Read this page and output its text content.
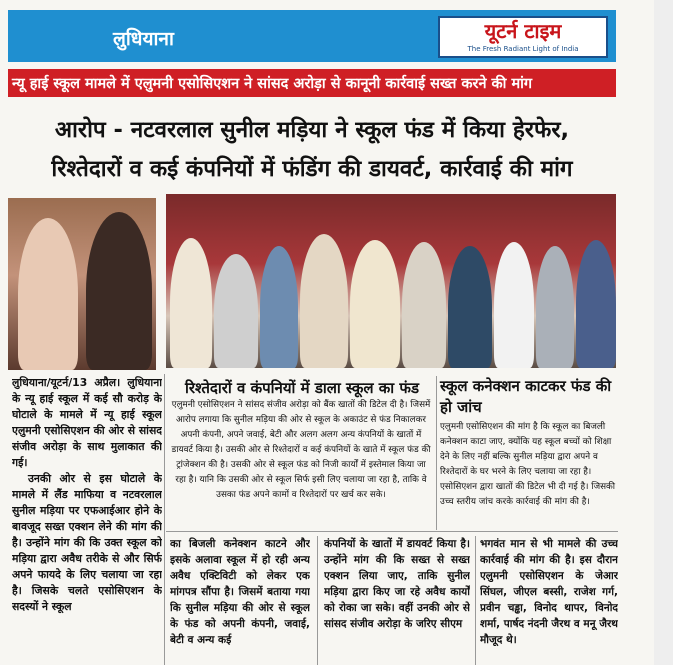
लुधियाना	यूटर्न टाइम
The Fresh Radiant Light of India
न्यू हाई स्कूल मामले में एलुमनी एसोसिएशन ने सांसद अरोड़ा से कानूनी कार्रवाई सख्त करने की मांग
आरोप - नटवरलाल सुनील मड़िया ने स्कूल फंड में किया हेरफेर,
रिश्तेदारों व कई कंपनियों में फंडिंग की डायवर्ट, कार्रवाई की मांग

लुधियाना/यूटर्न/13 अप्रैल। लुधियाना के न्यू हाई स्कूल में कई सौ करोड़ के घोटाले के मामले में न्यू हाई स्कूल एलुमनी एसोसिएशन की ओर से सांसद संजीव अरोड़ा के साथ मुलाकात की गई।

उनकी ओर से इस घोटाले के मामले में लैंड माफिया व नटवरलाल सुनील मड़िया पर एफआईआर होने के बावजूद सख्त एक्शन लेने की मांग की है। उन्होंने मांग की कि उक्त स्कूल को मड़िया द्वारा अवैध तरीके से और सिर्फ अपने फायदे के लिए चलाया जा रहा है। जिसके चलते एसोसिएशन के सदस्यों ने स्कूल

रिश्तेदारों व कंपनियों में डाला स्कूल का फंड
एलुमनी एसोसिएशन ने सांसद संजीव अरोड़ा को बैंक खातों की डिटेल दी है। जिसमें आरोप लगाया कि सुनील मड़िया की ओर से स्कूल के अकाउंट से फंड निकालकर अपनी कंपनी, अपने जवाई, बेटी और अलग अलग अन्य कंपनियों के खातों में डायवर्ट किया है। उसकी ओर से रिश्तेदारों व कई कंपनियों के खाते में स्कूल फंड की ट्रांजेक्शन की है। उसकी ओर से स्कूल फंड को निजी कार्यों में इस्तेमाल किया जा रहा है। यानि कि उसकी ओर से स्कूल सिर्फ इसी लिए चलाया जा रहा है, ताकि वे उसका फंड अपने कामों व रिश्तेदारों पर खर्च कर सके।
स्कूल कनेक्शन काटकर फंड की हो जांच
एलुमनी एसोसिएशन की मांग है कि स्कूल का बिजली कनेक्शन काटा जाए, क्योंकि यह स्कूल बच्चों को शिक्षा देने के लिए नहीं बल्कि सुनील मड़िया द्वारा अपने व रिश्तेदारों के घर भरने के लिए चलाया जा रहा है। एसोसिएशन द्वारा खातों की डिटेल भी दी गई है। जिसकी उच्च स्तरीय जांच करके कार्रवाई की मांग की है।
का बिजली कनेक्शन काटने और इसके अलावा स्कूल में हो रही अन्य अवैध एक्टिविटी को लेकर एक मांगपत्र सौंपा है। जिसमें बताया गया कि सुनील मड़िया की ओर से स्कूल के फंड को अपनी कंपनी, जवाई, बेटी व अन्य कई
कंपनियों के खातों में डायवर्ट किया है। उन्होंने मांग की कि सख्त से सख्त एक्शन लिया जाए, ताकि सुनील मड़िया द्वारा किए जा रहे अवैध कार्यों को रोका जा सके। वहीं उनकी ओर से सांसद संजीव अरोड़ा के जरिए सीएम
भगवंत मान से भी मामले की उच्च कार्रवाई की मांग की है। इस दौरान एलुमनी एसोसिएशन के जेआर सिंघल, जीएल बस्सी, राजेश गर्ग, प्रवीन चड्ढा, विनोद थापर, विनोद शर्मा, पार्षद नंदनी जैरथ व मनू जैरथ मौजूद थे।
